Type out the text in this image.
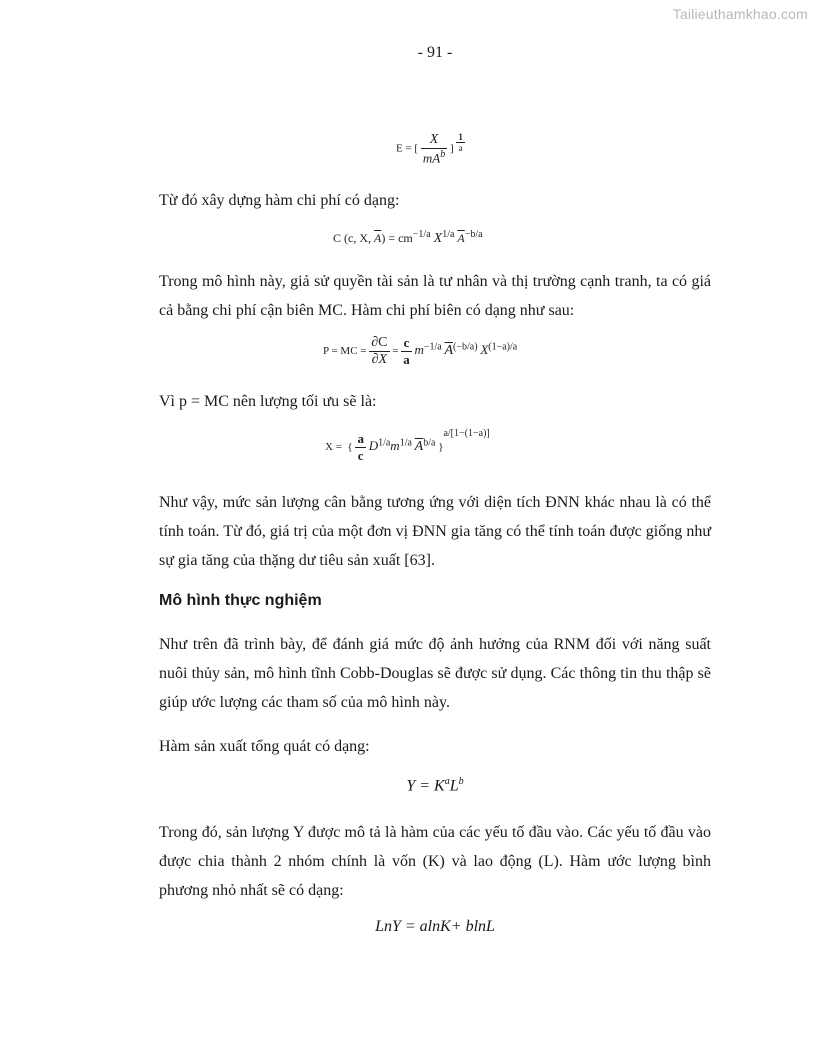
Tailieuthamkhao.com
- 91 -
E = [ $\frac{X}{mA^b}$ ] $\frac{1}{a}$
Từ đó xây dựng hàm chi phí có dạng:
C (c, X, $\overline{A}) = cm^{-1/a}$ $X^{1/a}$ $\overline{A}^{-b/a}$
Trong mô hình này, giả sử quyền tài sản là tư nhân và thị trường cạnh tranh, ta có giá cả bằng chi phí cận biên MC. Hàm chi phí biên có dạng như sau:
P = MC = $\frac{\partial C}{\partial X} = \frac{c}{a} m^{-1/a}$ $\overline{A}^{(-b/a)}$ $X^{(1-a)/a}$
Vì p = MC nên lượng tối ưu sẽ là:
X =  { $\frac{a}{c} D^{1/a}m^{1/a}$ $\overline{A}^{b/a}$ }$^{a/[1-(1-a)]}$
Như vậy, mức sản lượng cân bằng tương ứng với diện tích ĐNN khác nhau là có thể tính toán. Từ đó, giá trị của một đơn vị ĐNN gia tăng có thể tính toán được giống như sự gia tăng của thặng dư tiêu sản xuất [63].
Mô hình thực nghiệm
Như trên đã trình bày, để đánh giá mức độ ảnh hưởng của RNM đối với năng suất nuôi thủy sản, mô hình tĩnh Cobb-Douglas sẽ được sử dụng. Các thông tin thu thập sẽ giúp ước lượng các tham số của mô hình này.
Hàm sản xuất tổng quát có dạng:
$Y = K^aL^b$
Trong đó, sản lượng Y được mô tả là hàm của các yếu tố đầu vào. Các yếu tố đầu vào được chia thành 2 nhóm chính là vốn (K) và lao động (L). Hàm ước lượng bình phương nhỏ nhất sẽ có dạng:
LnY = alnK+ blnL
